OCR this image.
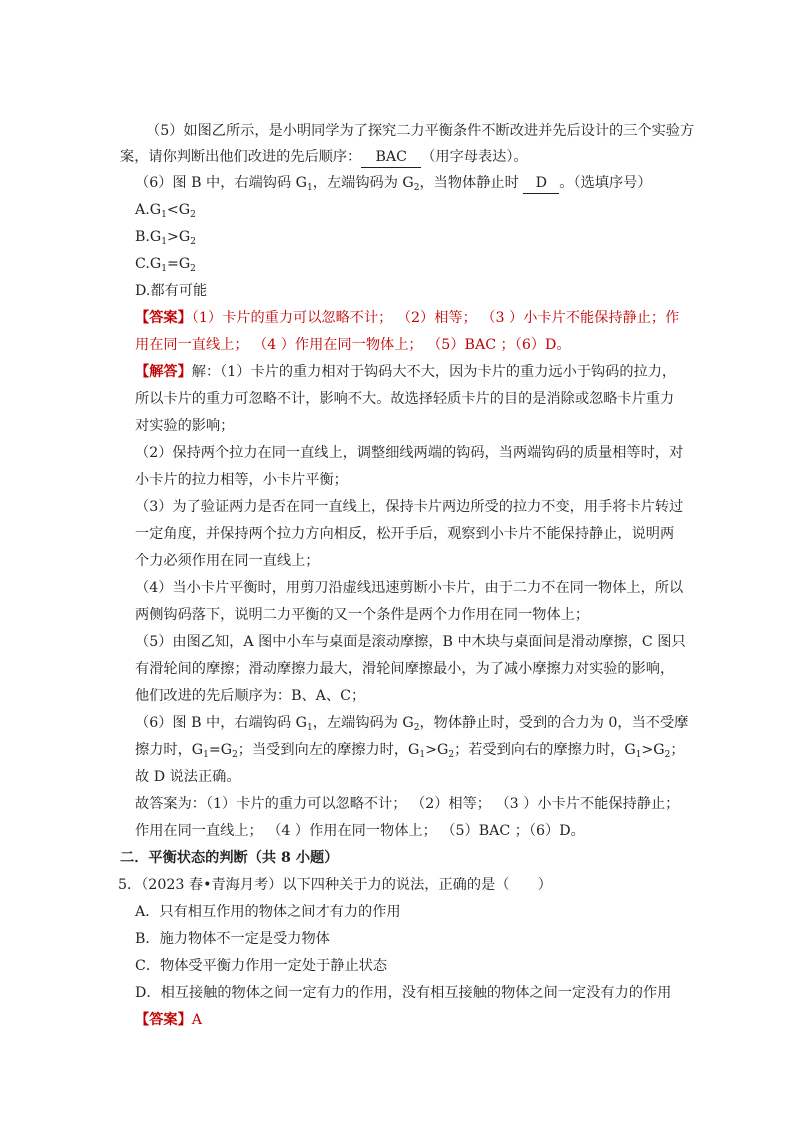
（5）如图乙所示，是小明同学为了探究二力平衡条件不断改进并先后设计的三个实验方
案，请你判断出他们改进的先后顺序： BAC （用字母表达）。
（6）图 B 中，右端钩码 $G_1$，左端钩码为 $G_2$，当物体静止时 D 。（选填序号）
$A.G_1<G_2$
$B.G_1>G_2$
$C.G_1=G_2$
D.都有可能
【答案】（1）卡片的重力可以忽略不计； （2）相等； （3 ）小卡片不能保持静止；作
用在同一直线上； （4 ）作用在同一物体上； （5）BAC ；（6）D。
【解答】解：（1）卡片的重力相对于钩码大不大，因为卡片的重力远小于钩码的拉力，
所以卡片的重力可忽略不计，影响不大。故选择轻质卡片的目的是消除或忽略卡片重力
对实验的影响；
（2）保持两个拉力在同一直线上，调整细线两端的钩码，当两端钩码的质量相等时，对
小卡片的拉力相等，小卡片平衡；
（3）为了验证两力是否在同一直线上，保持卡片两边所受的拉力不变，用手将卡片转过
一定角度，并保持两个拉力方向相反，松开手后，观察到小卡片不能保持静止，说明两
个力必须作用在同一直线上；
（4）当小卡片平衡时，用剪刀沿虚线迅速剪断小卡片，由于二力不在同一物体上，所以
两侧钩码落下，说明二力平衡的又一个条件是两个力作用在同一物体上；
（5）由图乙知，A 图中小车与桌面是滚动摩擦，B 中木块与桌面间是滑动摩擦，C 图只
有滑轮间的摩擦；滑动摩擦力最大，滑轮间摩擦最小，为了减小摩擦力对实验的影响，
他们改进的先后顺序为：B、A、C；
（6）图 B 中，右端钩码 $G_1$，左端钩码为 $G_2$，物体静止时，受到的合力为 0，当不受摩
擦力时，$G_1=G_2$；当受到向左的摩擦力时，$G_1>G_2$；若受到向右的摩擦力时，$G_1>G_2$；
故 D 说法正确。
故答案为：（1）卡片的重力可以忽略不计； （2）相等； （3 ）小卡片不能保持静止；
作用在同一直线上； （4 ）作用在同一物体上； （5）BAC ；（6）D。
二．平衡状态的判断（共 8 小题）
5．（2023 春•青海月考）以下四种关于力的说法，正确的是（　　）
A．只有相互作用的物体之间才有力的作用
B．施力物体不一定是受力物体
C．物体受平衡力作用一定处于静止状态
D．相互接触的物体之间一定有力的作用，没有相互接触的物体之间一定没有力的作用
【答案】A
